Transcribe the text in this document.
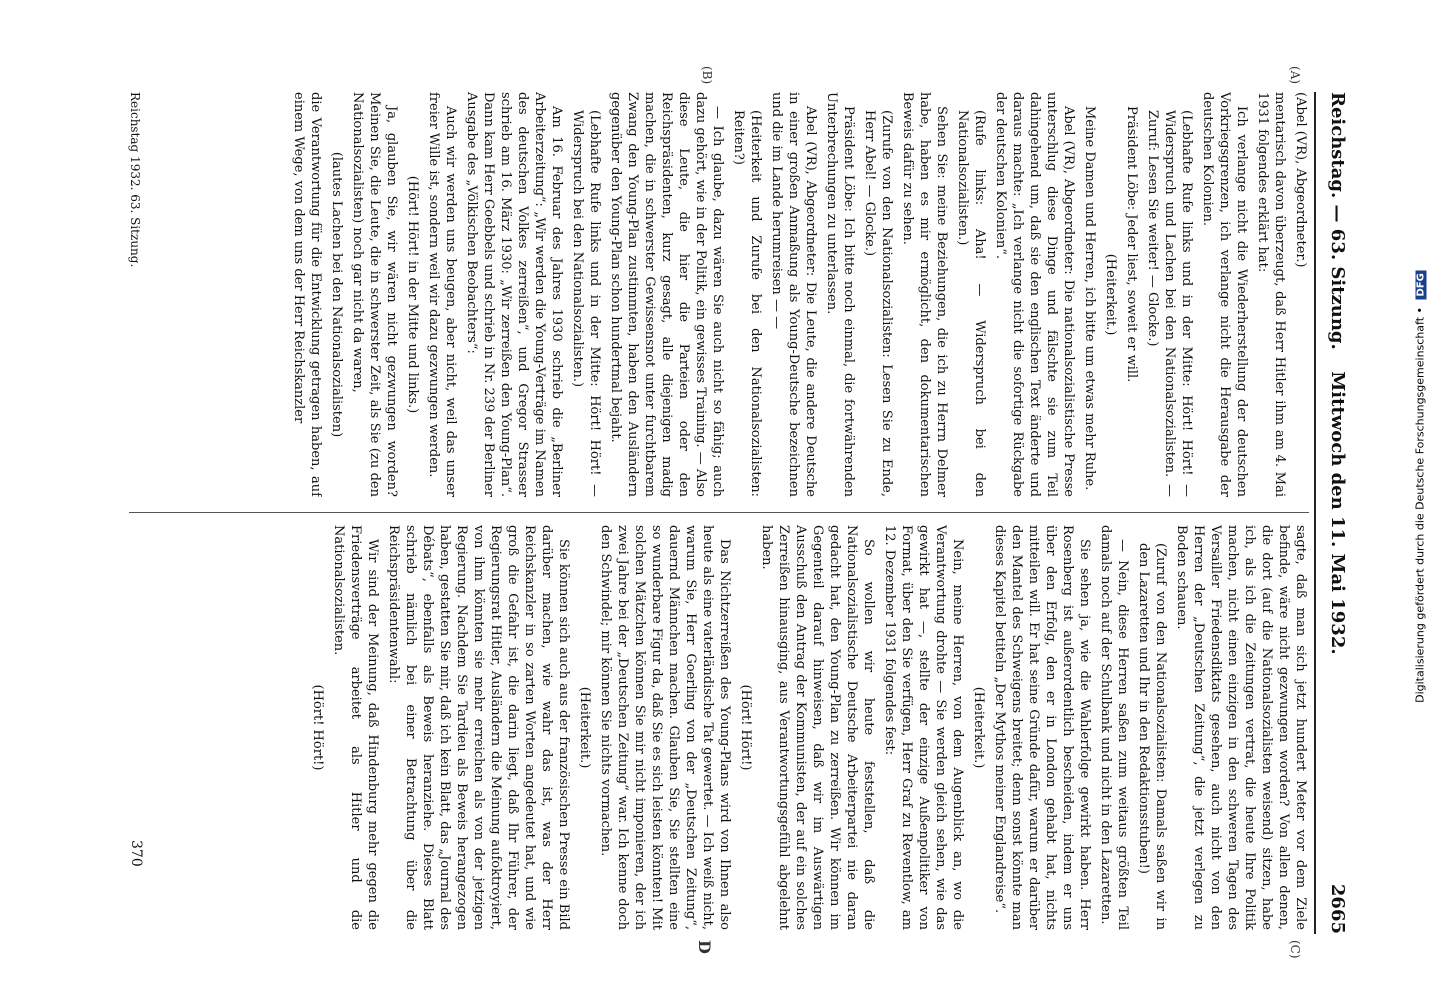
Reichstag. — 63. Sitzung.
Mittwoch den 11. Mai 1932.
2665
(A)
(B)
(C)
D

(Abel (VR), Abgeordneter.)

mentarisch davon überzeugt, daß Herr Hitler ihm am 4. Mai 1931 folgendes erklärt hat:

Ich verlange nicht die Wiederherstellung der deutschen Vorkriegsgrenzen, ich verlange nicht die Herausgabe der deutschen Kolonien.

(Lebhafte Rufe links und in der Mitte: Hört! Hört! — Widerspruch und Lachen bei den Nationalsozialisten. — Zuruf: Lesen Sie weiter! — Glocke.)

Präsident Löbe: Jeder liest, soweit er will.

(Heiterkeit.)

Meine Damen und Herren, ich bitte um etwas mehr Ruhe.

Abel (VR), Abgeordneter: Die nationalsozialistische Presse unterschlug diese Dinge und fälschte sie zum Teil dahingehend um, daß sie den englischen Text änderte und daraus machte: „Ich verlange nicht die sofortige Rückgabe der deutschen Kolonien“.

(Rufe links: Aha! — Widerspruch bei den Nationalsozialisten.)

Sehen Sie: meine Beziehungen, die ich zu Herrn Delmer habe, haben es mir ermöglicht, den dokumentarischen Beweis dafür zu sehen.

(Zurufe von den Nationalsozialisten: Lesen Sie zu Ende, Herr Abel! — Glocke.)

Präsident Löbe: Ich bitte noch einmal, die fortwährenden Unterbrechungen zu unterlassen.

Abel (VR), Abgeordneter: Die Leute, die andere Deutsche in einer großen Anmaßung als Young-Deutsche bezeichnen und die im Lande herumreisen — —

(Heiterkeit und Zurufe bei den Nationalsozialisten: Reiten?)

— Ich glaube, dazu wären Sie auch nicht so fähig; auch dazu gehört, wie in der Politik, ein gewisses Training. — Also diese Leute, die hier die Parteien oder den Reichspräsidenten, kurz gesagt, alle diejenigen madig machen, die in schwerster Gewissensnot unter furchtbarem Zwang den Young-Plan zustimmten, haben den Ausländern gegenüber den Young-Plan schon hundertmal bejaht.

(Lebhafte Rufe links und in der Mitte: Hört! Hört! — Widerspruch bei den Nationalsozialisten.)

Am 16. Februar des Jahres 1930 schrieb die „Berliner Arbeiterzeitung“: „Wir werden die Young-Verträge im Namen des deutschen Volkes zerreißen“, und Gregor Strasser schrieb am 16. März 1930: „Wir zerreißen den Young-Plan“. Dann kam Herr Goebbels und schrieb in Nr. 239 der Berliner Ausgabe des „Völkischen Beobachters“:

Auch wir werden uns beugen, aber nicht, weil das unser freier Wille ist, sondern weil wir dazu gezwungen werden.

(Hört! Hört! in der Mitte und links.)

Ja, glauben Sie, wir wären nicht gezwungen worden? Meinen Sie, die Leute, die in schwerster Zeit, als Sie (zu den Nationalsozialisten) noch gar nicht da waren,

(lautes Lachen bei den Nationalsozialisten)

die Verantwortung für die Entwicklung getragen haben, auf einem Wege, von dem uns der Herr Reichskanzler

sagte, daß man sich jetzt hundert Meter vor dem Ziele befinde, wäre nicht gezwungen worden? Von allen denen, die dort (auf die Nationalsozialisten weisend) sitzen, habe ich, als ich die Zeitungen vertrat, die heute Ihre Politik machen, nicht einen einzigen in den schweren Tagen des Versailler Friedensdiktats gesehen, auch nicht von den Herren der „Deutschen Zeitung“, die jetzt verlegen zu Boden schauen.

(Zuruf von den Nationalsozialisten: Damals saßen wir in den Lazaretten und Ihr in den Redaktionsstuben!)

— Nein, diese Herren saßen zum weitaus größten Teil damals noch auf der Schulbank und nicht in den Lazaretten.

Sie sehen ja, wie die Wahlerfolge gewirkt haben. Herr Rosenberg ist außerordentlich bescheiden, indem er uns über den Erfolg, den er in London gehabt hat, nichts mitteilen will. Er hat seine Gründe dafür, warum er darüber den Mantel des Schweigens breitet; denn sonst könnte man dieses Kapitel betiteln „Der Mythos meiner Englandreise“.

(Heiterkeit.)

Nein, meine Herren, von dem Augenblick an, wo die Verantwortung drohte — Sie werden gleich sehen, wie das gewirkt hat —, stellte der einzige Außenpolitiker von Format, über den Sie verfügen, Herr Graf zu Reventlow, am 12. Dezember 1931 folgendes fest:

So wollen wir heute feststellen, daß die Nationalsozialistische Deutsche Arbeiterpartei nie daran gedacht hat, den Young-Plan zu zerreißen. Wir können im Gegenteil darauf hinweisen, daß wir im Auswärtigen Ausschuß den Antrag der Kommunisten, der auf ein solches Zerreißen hinausging, aus Verantwortungsgefühl abgelehnt haben.

(Hört! Hört!)

Das Nichtzerreißen des Young-Plans wird von Ihnen also heute als eine vaterländische Tat gewertet. — Ich weiß nicht, warum Sie, Herr Goerling von der „Deutschen Zeitung“, dauernd Männchen machen. Glauben Sie, Sie stellten eine so wunderbare Figur da, daß Sie es sich leisten könnten! Mit solchen Mätzchen können Sie mir nicht imponieren, der ich zwei Jahre bei der „Deutschen Zeitung“ war. Ich kenne doch den Schwindel; mir können Sie nichts vormachen.

(Heiterkeit.)

Sie können sich auch aus der französischen Presse ein Bild darüber machen, wie wahr das ist, was der Herr Reichskanzler in so zarten Worten angedeutet hat, und wie groß die Gefahr ist, die darin liegt, daß Ihr Führer, der Regierungsrat Hitler, Ausländern die Meinung aufoktroyiert, von ihm könnten sie mehr erreichen als von der jetzigen Regierung. Nachdem Sie Tardieu als Beweis herangezogen haben, gestatten Sie mir, daß ich kein Blatt, das „Journal des Débats“, ebenfalls als Beweis heranziehe. Dieses Blatt schrieb nämlich bei einer Betrachtung über die Reichspräsidentenwahl:

Wir sind der Meinung, daß Hindenburg mehr gegen die Friedensverträge arbeitet als Hitler und die Nationalsozialisten.

(Hört! Hört!)

Reichstag 1932. 63. Sitzung.
370
Digitalisierung gefördert durch die Deutsche Forschungsgemeinschaft • DFG
